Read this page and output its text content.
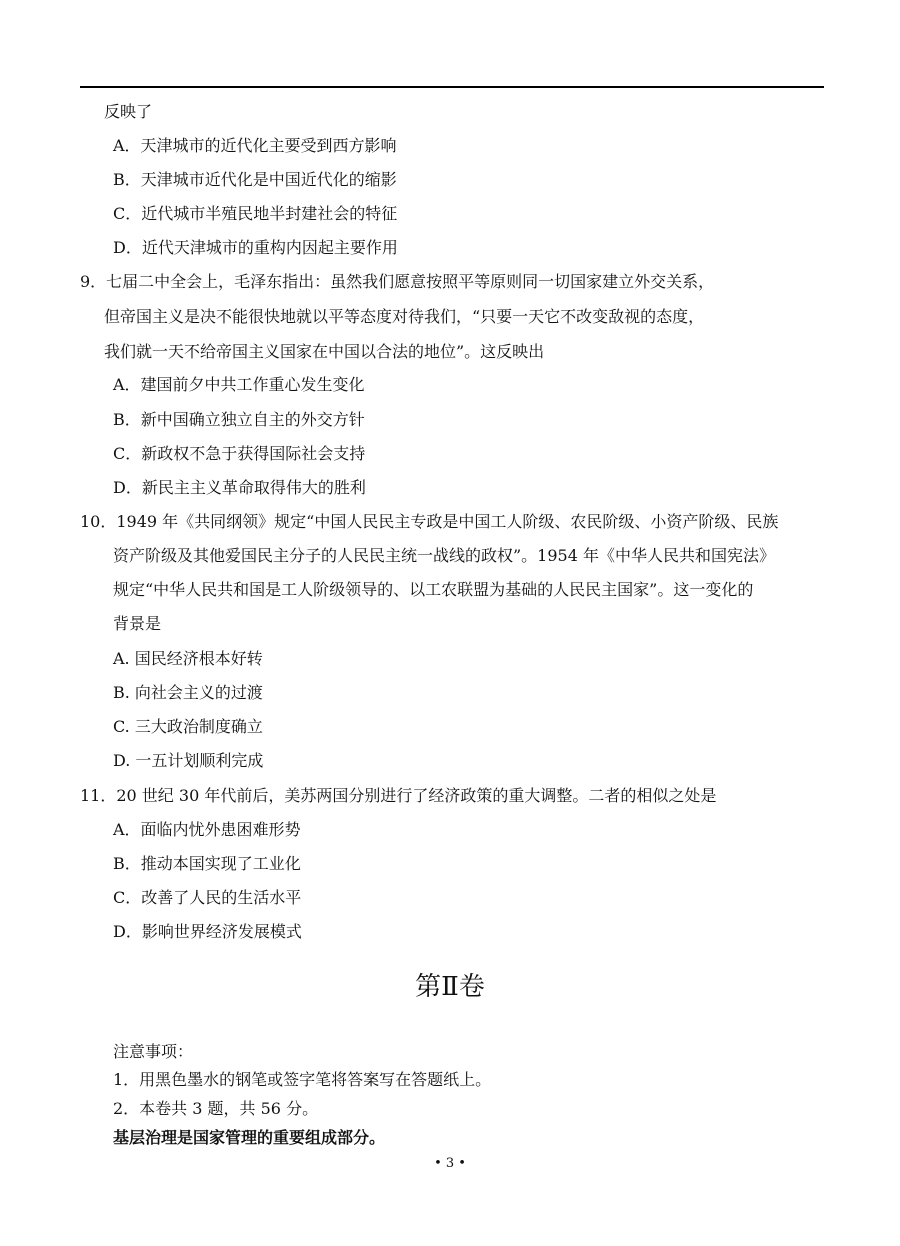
反映了
A．天津城市的近代化主要受到西方影响
B．天津城市近代化是中国近代化的缩影
C．近代城市半殖民地半封建社会的特征
D．近代天津城市的重构内因起主要作用
9．七届二中全会上，毛泽东指出：虽然我们愿意按照平等原则同一切国家建立外交关系，
但帝国主义是决不能很快地就以平等态度对待我们，“只要一天它不改变敌视的态度，
我们就一天不给帝国主义国家在中国以合法的地位”。这反映出
A．建国前夕中共工作重心发生变化
B．新中国确立独立自主的外交方针
C．新政权不急于获得国际社会支持
D．新民主主义革命取得伟大的胜利
10．1949 年《共同纲领》规定“中国人民民主专政是中国工人阶级、农民阶级、小资产阶级、民族
资产阶级及其他爱国民主分子的人民民主统一战线的政权”。1954 年《中华人民共和国宪法》
规定“中华人民共和国是工人阶级领导的、以工农联盟为基础的人民民主国家”。这一变化的
背景是
A. 国民经济根本好转
B. 向社会主义的过渡
C. 三大政治制度确立
D. 一五计划顺利完成
11．20 世纪 30 年代前后，美苏两国分别进行了经济政策的重大调整。二者的相似之处是
A．面临内忧外患困难形势
B．推动本国实现了工业化
C．改善了人民的生活水平
D．影响世界经济发展模式
第Ⅱ卷
注意事项：
1．用黑色墨水的钢笔或签字笔将答案写在答题纸上。
2．本卷共 3 题，共 56 分。
基层治理是国家管理的重要组成部分。
• 3 •
